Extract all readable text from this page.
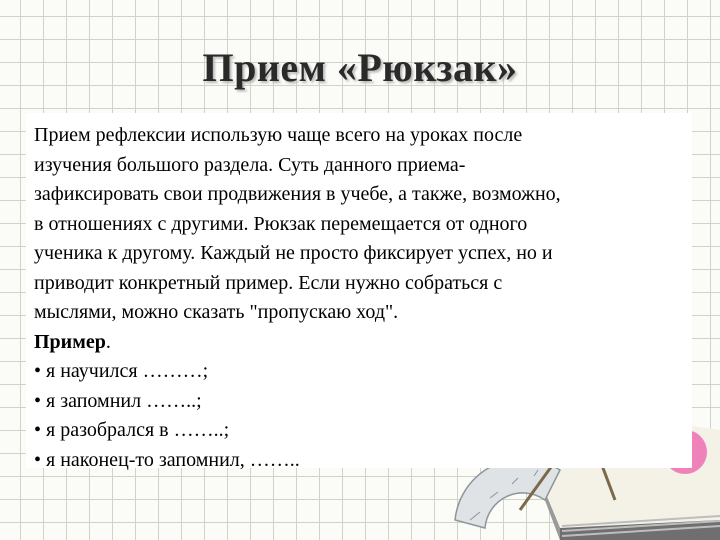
Прием «Рюкзак»

Прием рефлексии использую чаще всего на уроках после
изучения большого раздела. Суть данного приема-
зафиксировать свои продвижения в учебе, а также, возможно,
в отношениях с другими. Рюкзак перемещается от одного
ученика к другому. Каждый не просто фиксирует успех, но и
приводит конкретный пример. Если нужно собраться с
мыслями, можно сказать "пропускаю ход".
Пример.

• я научился ………;
• я запомнил ……..;
• я разобрался в ……..;
• я наконец-то запомнил, ……..
